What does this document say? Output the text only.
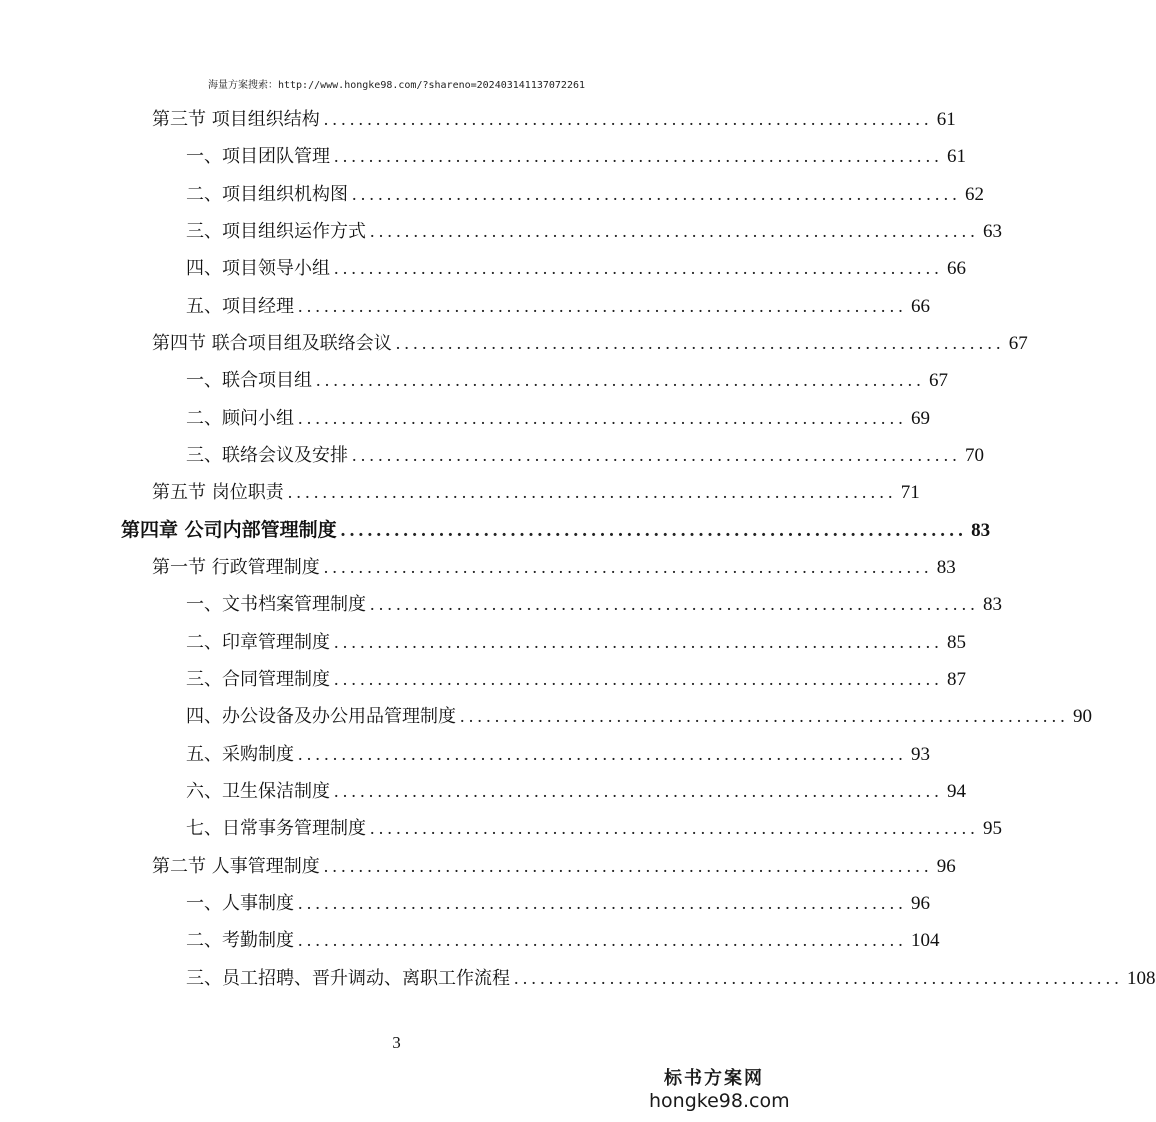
海量方案搜索：http://www.hongke98.com/?shareno=202403141137072261
第三节 项目组织结构 ...................................................................... 61
一、项目团队管理 ...................................................................... 61
二、项目组织机构图 ...................................................................... 62
三、项目组织运作方式 ...................................................................... 63
四、项目领导小组 ...................................................................... 66
五、项目经理 ...................................................................... 66
第四节 联合项目组及联络会议 ...................................................................... 67
一、联合项目组 ...................................................................... 67
二、顾问小组 ...................................................................... 69
三、联络会议及安排 ...................................................................... 70
第五节 岗位职责 ...................................................................... 71
第四章 公司内部管理制度 ...................................................................... 83
第一节 行政管理制度 ...................................................................... 83
一、文书档案管理制度 ...................................................................... 83
二、印章管理制度 ...................................................................... 85
三、合同管理制度 ...................................................................... 87
四、办公设备及办公用品管理制度 ...................................................................... 90
五、采购制度 ...................................................................... 93
六、卫生保洁制度 ...................................................................... 94
七、日常事务管理制度 ...................................................................... 95
第二节 人事管理制度 ...................................................................... 96
一、人事制度 ...................................................................... 96
二、考勤制度 ...................................................................... 104
三、员工招聘、晋升调动、离职工作流程 ...................................................................... 108
3
标书方案网
hongke98.com
